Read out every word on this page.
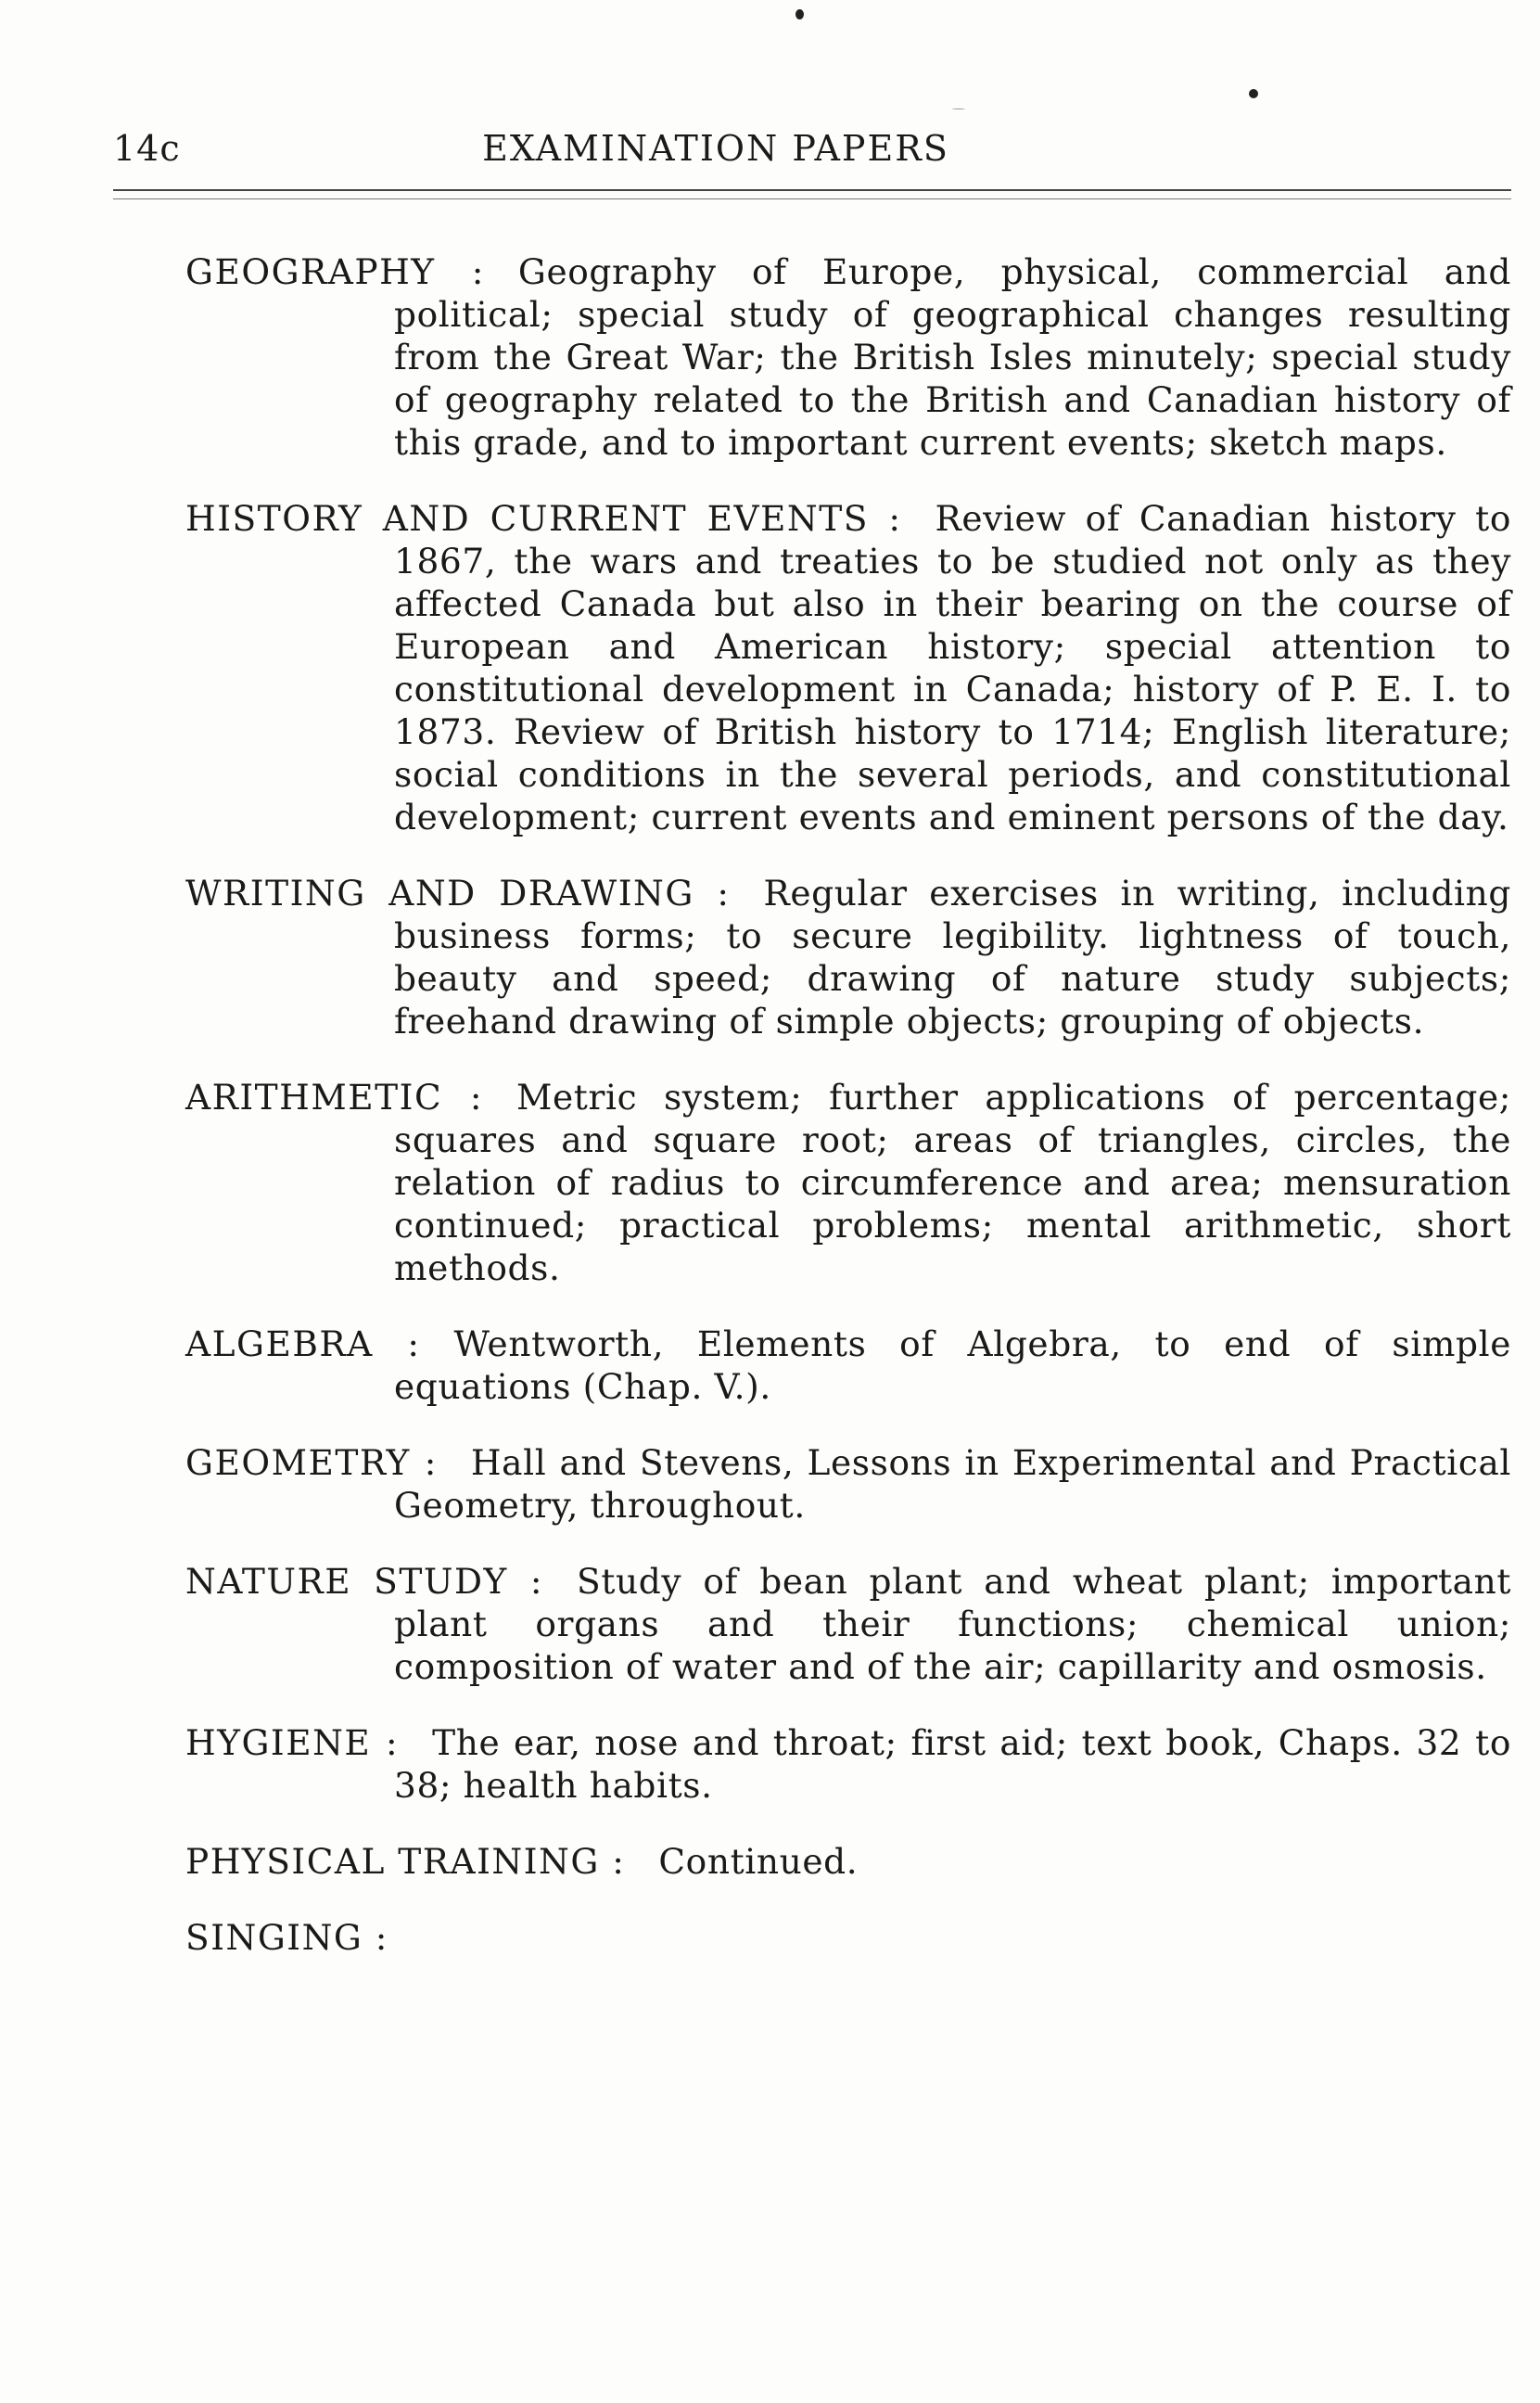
14c	EXAMINATION PAPERS
GEOGRAPHY : Geography of Europe, physical, commercial and political; special study of geographical changes resulting from the Great War; the British Isles minutely; special study of geography related to the British and Canadian history of this grade, and to important current events; sketch maps.
HISTORY AND CURRENT EVENTS : Review of Canadian history to 1867, the wars and treaties to be studied not only as they affected Canada but also in their bearing on the course of European and American history; special attention to constitutional development in Canada; history of P. E. I. to 1873. Review of British history to 1714; English literature; social conditions in the several periods, and constitutional development; current events and eminent persons of the day.
WRITING AND DRAWING : Regular exercises in writing, including business forms; to secure legibility. lightness of touch, beauty and speed; drawing of nature study subjects; freehand drawing of simple objects; grouping of objects.
ARITHMETIC : Metric system; further applications of percentage; squares and square root; areas of triangles, circles, the relation of radius to circumference and area; mensuration continued; practical problems; mental arithmetic, short methods.
ALGEBRA : Wentworth, Elements of Algebra, to end of simple equations (Chap. V.).
GEOMETRY : Hall and Stevens, Lessons in Experimental and Practical Geometry, throughout.
NATURE STUDY : Study of bean plant and wheat plant; important plant organs and their functions; chemical union; composition of water and of the air; capillarity and osmosis.
HYGIENE : The ear, nose and throat; first aid; text book, Chaps. 32 to 38; health habits.
PHYSICAL TRAINING : Continued.
SINGING :
